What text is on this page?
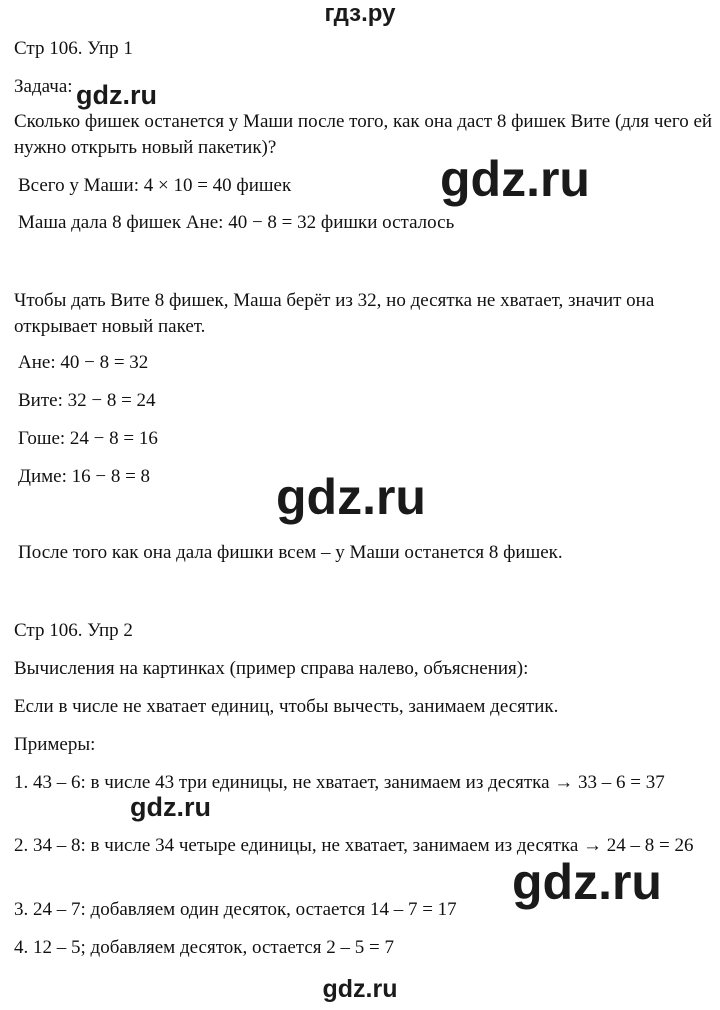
гдз.ру
Стр 106. Упр 1
Задача: gdz.ru
Сколько фишек останется у Маши после того, как она даст 8 фишек Вите (для чего ей нужно открыть новый пакетик)?
gdz.ru
Всего у Маши: 4 × 10 = 40 фишек
Маша дала 8 фишек Ане: 40 − 8 = 32 фишки осталось
Чтобы дать Вите 8 фишек, Маша берёт из 32, но десятка не хватает, значит она открывает новый пакет.
Ане: 40 − 8 = 32
Вите: 32 − 8 = 24
Гоше: 24 − 8 = 16
Диме: 16 − 8 = 8	gdz.ru
После того как она дала фишки всем – у Маши останется 8 фишек.
Стр 106. Упр 2
Вычисления на картинках (пример справа налево, объяснения):
Если в числе не хватает единиц, чтобы вычесть, занимаем десятик.
Примеры:
1. 43 – 6: в числе 43 три единицы, не хватает, занимаем из десятка → 33 – 6 = 37
gdz.ru
2. 34 – 8: в числе 34 четыре единицы, не хватает, занимаем из десятка → 24 – 8 = 26
gdz.ru
3. 24 – 7: добавляем один десяток, остается 14 – 7 = 17
4. 12 – 5; добавляем десяток, остается 2 – 5 = 7
gdz.ru
